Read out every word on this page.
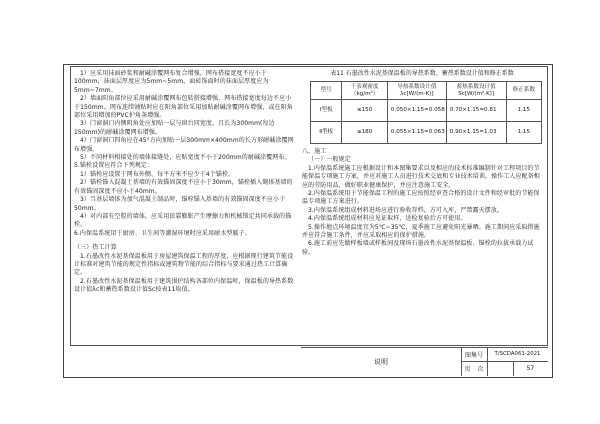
1）应采用抹面砂浆和耐碱涂覆网布复合增强，网布搭接宽度不应小于100mm，抹面层厚度应为5mm~5mm，面砖饰面时的抹面层厚度应为5mm~7mm。
2）墙面阳角部位应采用耐碱涂覆网布包转搭接增强，网布搭接宽度每边不应小于150mm。网布连续铺贴时应在阳角部位采用加贴耐碱涂覆网布增强，或在阳角部位采用增加的PVC护角条增强。
3）门窗洞口内侧阴角处应加贴一层与窗台同宽度，且长为300mm(每边150mm)的耐碱涂覆网布增强。
4）门窗洞口四角应在45°方向加贴一层300mm×400mm的长方形耐碱涂覆网布增强。
5）不同材料相接处的墙体接缝处，应贴宽度不小于200mm的耐碱涂覆网布。
5.锚栓设置应符合下列规定：
1）锚栓应设置于网布外侧，每平方米不应少于4个锚栓。
2）锚栓锚入混凝土基墙的有效锚固深度不应小于30mm，锚栓插入砌体基墙的有效锚固深度不应小于40mm。
3）当基层墙体为加气混凝土制品时，锚栓锚入基墙的有效锚固深度不应小于50mm。
4）对内部有空腔的墙体，应采用依靠膨胀产生摩擦力和机械锁定共同承载的锚栓。
6.内保温系统用于厨房、卫生间等潮湿环境时应采用耐水型腻子。
（三）热工计算
1.石墨改性水泥基保温板用于房屋建筑保温工程的厚度，应根据现行建筑节能设计标准对建筑节能的规定性指标或建筑物节能的综合指标与要求通过热工计算确定。
2.石墨改性水泥基保温板用于建筑围护结构各部位内保温时，保温板的导热系数设计值λc和蓄热系数设计值Sc按表11取值。
表11 石墨改性水泥基保温板的导热系数、蓄热系数设计值和修正系数
型号	干表观密度（kg/m³）	导热系数设计值λc[W/(m·K)]	蓄热系数设计值Sc[W/(m²·K)]	修正系数
Ⅰ型板	≤150	0.050×1.15=0.058	0.70×1.15=0.81	1.15
Ⅱ型板	≤180	0.055×1.15=0.063	0.90×1.15=1.03	1.15
八、施工
（一）一般规定
1.内保温系统施工应根据设计和本图集要求以及相应的技术标准编制针对工程项目的节能保温专项施工方案，并应对施工人员进行技术交底和专业技术培训。操作工人应配备相应的劳防用品，做好职业健康保护，并应注意施工安全。
2.内保温系统用于节能保温工程的施工应按照经审查合格的设计文件和经审批的节能保温专项施工方案进行。
3.内保温系统组成材料进场应进行验收存档，方可入库，严禁露天摆放。
4.内保温系统组成材料应见证取样，送检复验后方可使用。
5.操作地点环境温度宜为5℃~35℃，夏季施工应避免阳光暴晒。施工期间应采取措施并应符合施工条件，并应采取相应的保护措施。
6.施工前应先做样板墙或样板间及现场石墨改性水泥基保温板、锚栓的拉拔承载力试验。
说明
图集号	T/SCDA061-2021
页	次	57
